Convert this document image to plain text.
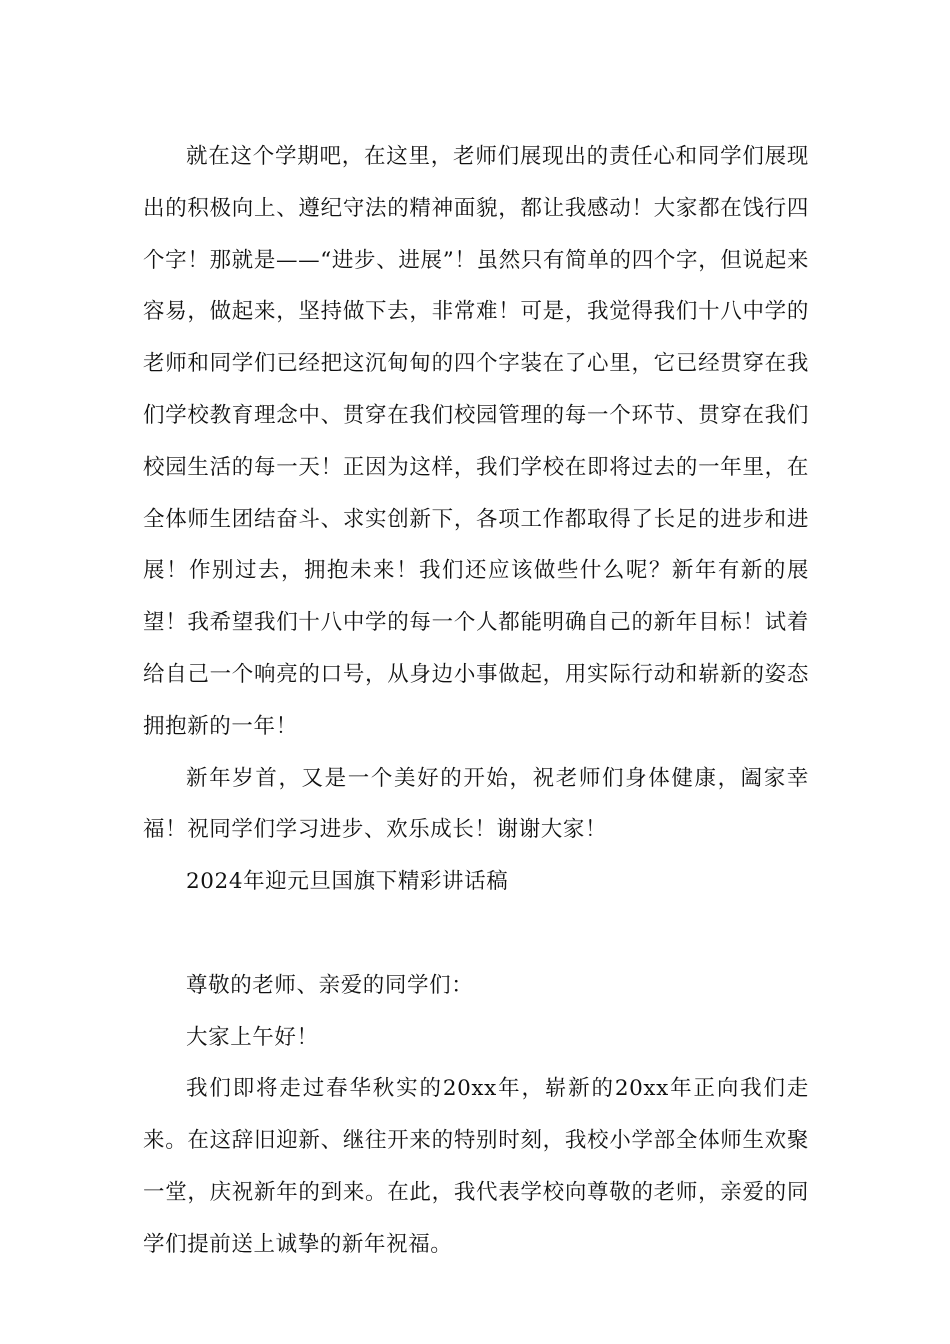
就在这个学期吧，在这里，老师们展现出的责任心和同学们展现出的积极向上、遵纪守法的精神面貌，都让我感动！大家都在饯行四个字！那就是——“进步、进展”！虽然只有简单的四个字，但说起来容易，做起来，坚持做下去，非常难！可是，我觉得我们十八中学的老师和同学们已经把这沉甸甸的四个字装在了心里，它已经贯穿在我们学校教育理念中、贯穿在我们校园管理的每一个环节、贯穿在我们校园生活的每一天！正因为这样，我们学校在即将过去的一年里，在全体师生团结奋斗、求实创新下，各项工作都取得了长足的进步和进展！作别过去，拥抱未来！我们还应该做些什么呢？新年有新的展望！我希望我们十八中学的每一个人都能明确自己的新年目标！试着给自己一个响亮的口号，从身边小事做起，用实际行动和崭新的姿态拥抱新的一年！

新年岁首，又是一个美好的开始，祝老师们身体健康，阖家幸福！祝同学们学习进步、欢乐成长！谢谢大家！

2024年迎元旦国旗下精彩讲话稿

尊敬的老师、亲爱的同学们：

大家上午好！

我们即将走过春华秋实的20xx年，崭新的20xx年正向我们走来。在这辞旧迎新、继往开来的特别时刻，我校小学部全体师生欢聚一堂，庆祝新年的到来。在此，我代表学校向尊敬的老师，亲爱的同学们提前送上诚挚的新年祝福。
